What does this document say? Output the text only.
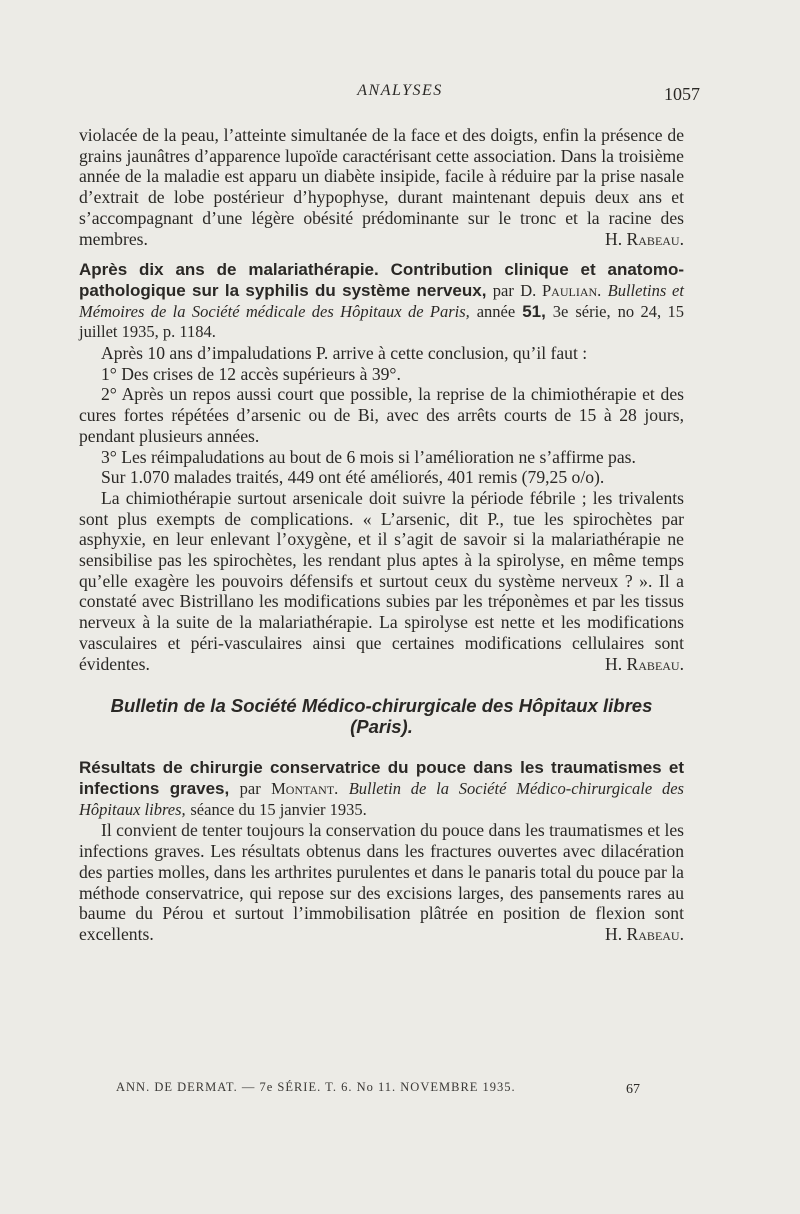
ANALYSES	1057

violacée de la peau, l’atteinte simultanée de la face et des doigts, enfin la présence de grains jaunâtres d’apparence lupoïde caractérisant cette association. Dans la troisième année de la maladie est apparu un diabète insipide, facile à réduire par la prise nasale d’extrait de lobe postérieur d’hypophyse, durant maintenant depuis deux ans et s’accompagnant d’une légère obésité prédominante sur le tronc et la racine des membres.	H. Rabeau.

Après dix ans de malariathérapie. Contribution clinique et anatomo-pathologique sur la syphilis du système nerveux, par D. Paulian. Bulletins et Mémoires de la Société médicale des Hôpitaux de Paris, année 51, 3e série, no 24, 15 juillet 1935, p. 1184.

Après 10 ans d’impaludations P. arrive à cette conclusion, qu’il faut :

1° Des crises de 12 accès supérieurs à 39°.

2° Après un repos aussi court que possible, la reprise de la chimiothérapie et des cures fortes répétées d’arsenic ou de Bi, avec des arrêts courts de 15 à 28 jours, pendant plusieurs années.

3° Les réimpaludations au bout de 6 mois si l’amélioration ne s’affirme pas.

Sur 1.070 malades traités, 449 ont été améliorés, 401 remis (79,25 o/o).

La chimiothérapie surtout arsenicale doit suivre la période fébrile ; les trivalents sont plus exempts de complications. « L’arsenic, dit P., tue les spirochètes par asphyxie, en leur enlevant l’oxygène, et il s’agit de savoir si la malariathérapie ne sensibilise pas les spirochètes, les rendant plus aptes à la spirolyse, en même temps qu’elle exagère les pouvoirs défensifs et surtout ceux du système nerveux ? ». Il a constaté avec Bistrillano les modifications subies par les tréponèmes et par les tissus nerveux à la suite de la malariathérapie. La spirolyse est nette et les modifications vasculaires et péri-vasculaires ainsi que certaines modifications cellulaires sont évidentes.	H. Rabeau.

Bulletin de la Société Médico-chirurgicale des Hôpitaux libres (Paris).

Résultats de chirurgie conservatrice du pouce dans les traumatismes et infections graves, par Montant. Bulletin de la Société Médico-chirurgicale des Hôpitaux libres, séance du 15 janvier 1935.

Il convient de tenter toujours la conservation du pouce dans les traumatismes et les infections graves. Les résultats obtenus dans les fractures ouvertes avec dilacération des parties molles, dans les arthrites purulentes et dans le panaris total du pouce par la méthode conservatrice, qui repose sur des excisions larges, des pansements rares au baume du Pérou et surtout l’immobilisation plâtrée en position de flexion sont excellents.	H. Rabeau.

ANN. DE DERMAT. — 7e SÉRIE. T. 6. No 11. NOVEMBRE 1935.	67
